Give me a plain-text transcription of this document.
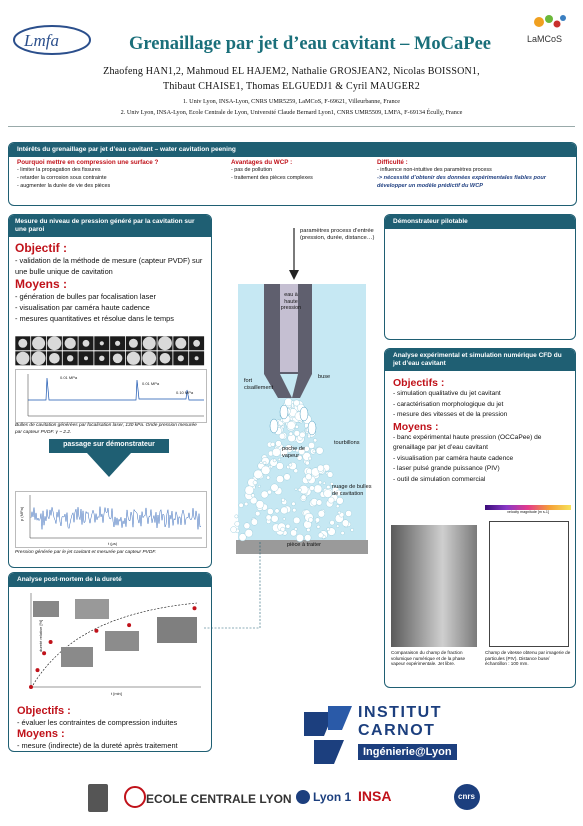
Lmfa	LaMCoS
Grenaillage par jet d’eau cavitant – MoCaPee
Zhaofeng HAN1,2, Mahmoud EL HAJEM2, Nathalie GROSJEAN2, Nicolas BOISSON1,
Thibaut CHAISE1, Thomas ELGUEDJ1 & Cyril MAUGER2
1. Univ Lyon, INSA-Lyon, CNRS UMR5259, LaMCoS, F-69621, Villeurbanne, France
2. Univ Lyon, INSA-Lyon, Ecole Centrale de Lyon, Université Claude Bernard Lyon1, CNRS UMR5509, LMFA, F-69134 Écully, France
Intérêts du grenaillage par jet d’eau cavitant – water cavitation peening
Pourquoi mettre en compression une surface ?
- limiter la propagation des fissures
- retarder la corrosion sous contrainte
- augmenter la durée de vie des pièces
Avantages du WCP :
- pas de pollution
- traitement des pièces complexes
Difficulté :
- influence non-intuitive des paramètres process
-> nécessité d’obtenir des données expérimentales fiables pour développer un modèle prédictif du WCP
Mesure du niveau de pression généré par la cavitation sur une paroi
Objectif :
- validation de la méthode de mesure (capteur PVDF) sur une bulle unique de cavitation
Moyens :
- génération de bulles par focalisation laser
- visualisation par caméra haute cadence
- mesures quantitatives et résolue dans le temps
0.01 MPa
0.01 MPa
0.10 MPa
Bulles de cavitation générées par focalisation laser, 130 kPa. Onde pression mesurée par capteur PVDF. γ ~ 2.2.
passage sur démonstrateur
p (MPa)
t (μs)
Pression générée par le jet cavitant et mesurée par capteur PVDF.
paramètres process d’entrée (pression, durée, distance…)
eau à haute pression
fort cisaillement
buse
tourbillons
poche de vapeur
nuage de bulles de cavitation
pièce à traiter
Analyse post-mortem de la dureté
dureté relative [%]
t [min]
Objectifs :
- évaluer les contraintes de compression induites
Moyens :
- mesure (indirecte) de la dureté après traitement
Démonstrateur pilotable
Analyse expérimental et simulation numérique CFD du jet d’eau cavitant
Objectifs :
- simulation qualitative du jet cavitant
- caractérisation morphologique du jet
- mesure des vitesses et de la pression
Moyens :
- banc expérimental haute pression (OCCaPee) de grenaillage par jet d’eau cavitant
- visualisation par caméra haute cadence
- laser pulsé grande puissance (PIV)
- outil de simulation commercial
velocity magnitude [m s-1]
Comparaison du champ de fraction volumique numérique et de la phase vapeur expérimentale. Jet libre.
Champ de vitesse obtenu par imagerie de particules (PIV). Distance buse/échantillon : 100 mm.
INSTITUT
CARNOT
Ingénierie@Lyon
ECOLE CENTRALE LYON Lyon 1 INSA	cnrs
